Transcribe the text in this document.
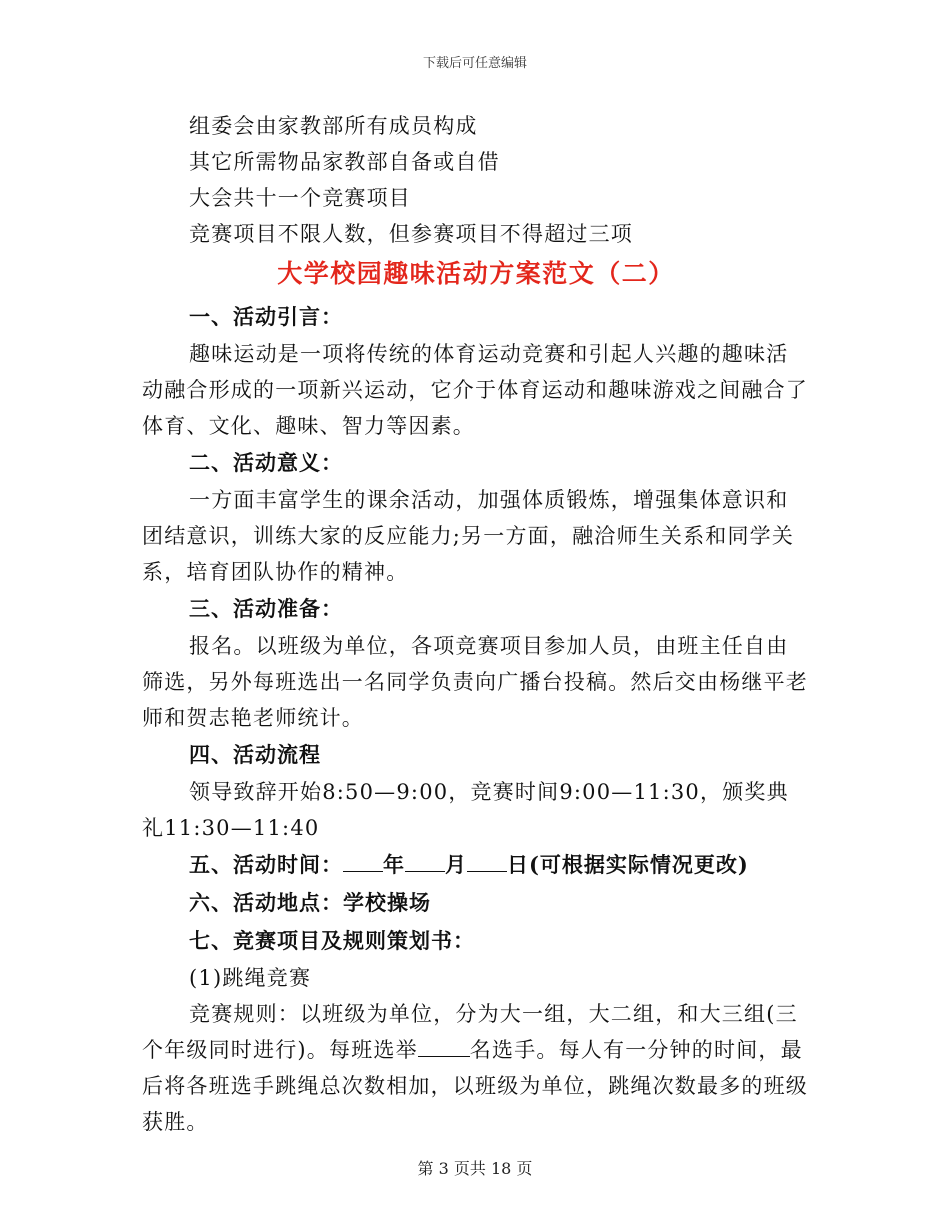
下载后可任意编辑

组委会由家教部所有成员构成

其它所需物品家教部自备或自借

大会共十一个竞赛项目

竞赛项目不限人数，但参赛项目不得超过三项

大学校园趣味活动方案范文（二）

一、活动引言：

趣味运动是一项将传统的体育运动竞赛和引起人兴趣的趣味活动融合形成的一项新兴运动，它介于体育运动和趣味游戏之间融合了体育、文化、趣味、智力等因素。

二、活动意义：

一方面丰富学生的课余活动，加强体质锻炼，增强集体意识和团结意识，训练大家的反应能力;另一方面，融洽师生关系和同学关系，培育团队协作的精神。

三、活动准备：

报名。以班级为单位，各项竞赛项目参加人员，由班主任自由筛选，另外每班选出一名同学负责向广播台投稿。然后交由杨继平老师和贺志艳老师统计。

四、活动流程

领导致辞开始8:50—9:00，竞赛时间9:00—11:30，颁奖典礼11:30—11:40

五、活动时间： 年 月 日(可根据实际情况更改)

六、活动地点：学校操场

七、竞赛项目及规则策划书：

(1)跳绳竞赛

竞赛规则：以班级为单位，分为大一组，大二组，和大三组(三个年级同时进行)。每班选举 名选手。每人有一分钟的时间，最后将各班选手跳绳总次数相加，以班级为单位，跳绳次数最多的班级获胜。

第 3 页共 18 页
